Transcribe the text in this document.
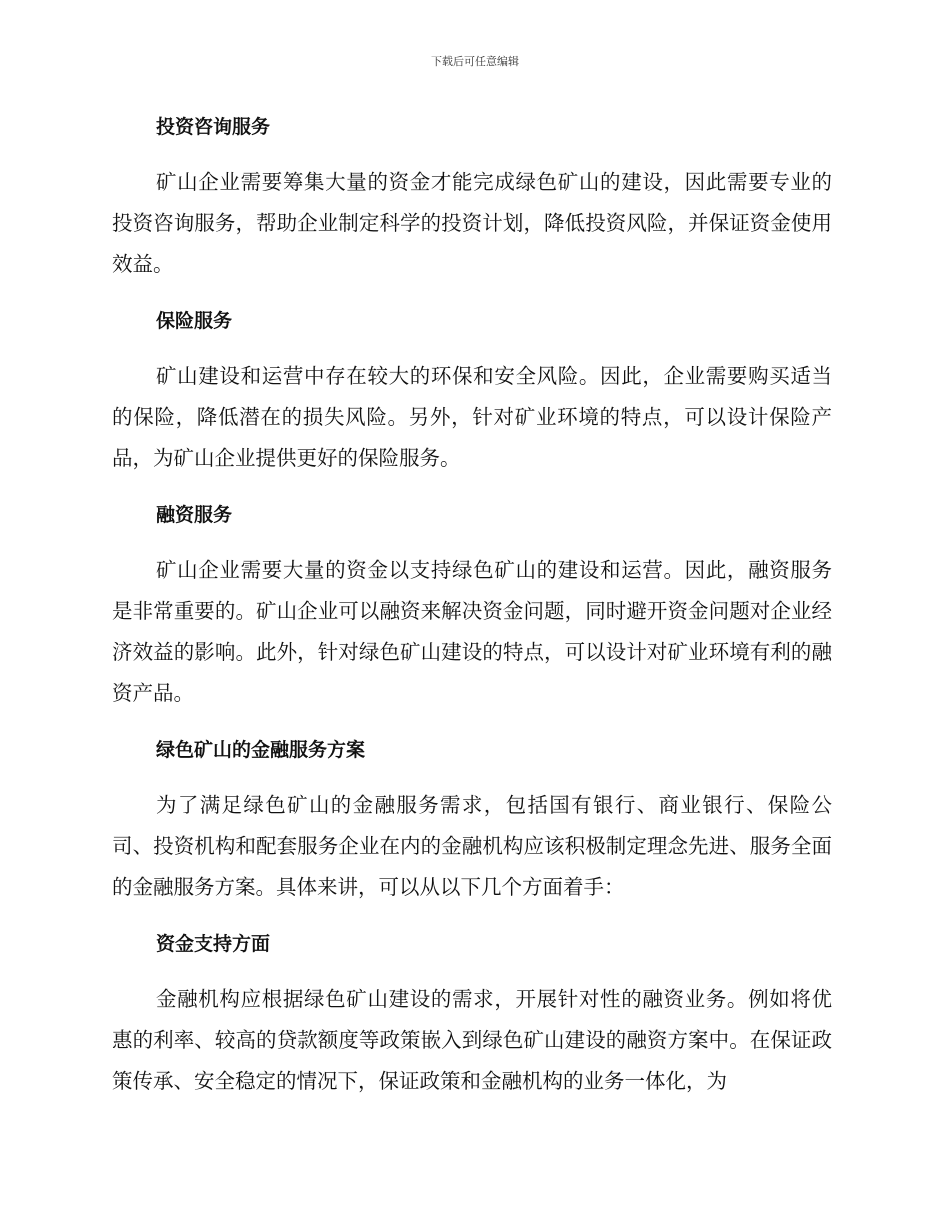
下载后可任意编辑
投资咨询服务

矿山企业需要筹集大量的资金才能完成绿色矿山的建设，因此需要专业的投资咨询服务，帮助企业制定科学的投资计划，降低投资风险，并保证资金使用效益。

保险服务

矿山建设和运营中存在较大的环保和安全风险。因此，企业需要购买适当的保险，降低潜在的损失风险。另外，针对矿业环境的特点，可以设计保险产品，为矿山企业提供更好的保险服务。

融资服务

矿山企业需要大量的资金以支持绿色矿山的建设和运营。因此，融资服务是非常重要的。矿山企业可以融资来解决资金问题，同时避开资金问题对企业经济效益的影响。此外，针对绿色矿山建设的特点，可以设计对矿业环境有利的融资产品。

绿色矿山的金融服务方案

为了满足绿色矿山的金融服务需求，包括国有银行、商业银行、保险公司、投资机构和配套服务企业在内的金融机构应该积极制定理念先进、服务全面的金融服务方案。具体来讲，可以从以下几个方面着手：

资金支持方面

金融机构应根据绿色矿山建设的需求，开展针对性的融资业务。例如将优惠的利率、较高的贷款额度等政策嵌入到绿色矿山建设的融资方案中。在保证政策传承、安全稳定的情况下，保证政策和金融机构的业务一体化，为
